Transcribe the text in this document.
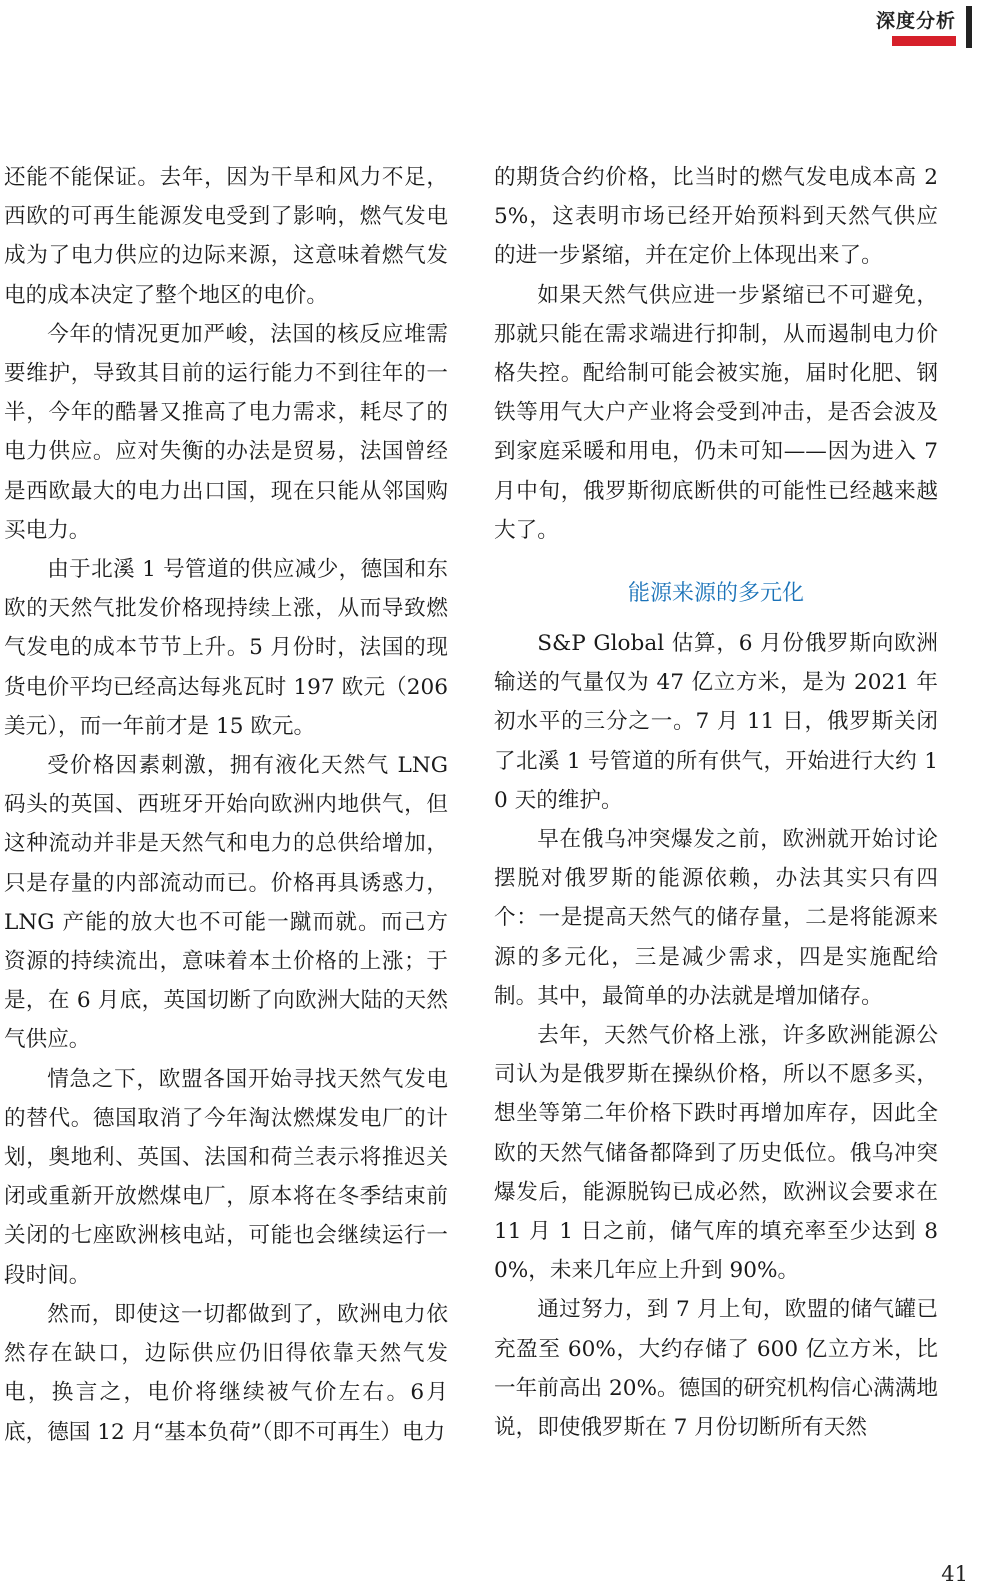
深度分析

还能不能保证。去年，因为干旱和风力不足，西欧的可再生能源发电受到了影响，燃气发电成为了电力供应的边际来源，这意味着燃气发电的成本决定了整个地区的电价。

今年的情况更加严峻，法国的核反应堆需要维护，导致其目前的运行能力不到往年的一半，今年的酷暑又推高了电力需求，耗尽了的电力供应。应对失衡的办法是贸易，法国曾经是西欧最大的电力出口国，现在只能从邻国购买电力。

由于北溪 1 号管道的供应减少，德国和东欧的天然气批发价格现持续上涨，从而导致燃气发电的成本节节上升。5 月份时，法国的现货电价平均已经高达每兆瓦时 197 欧元（206 美元），而一年前才是 15 欧元。

受价格因素刺激，拥有液化天然气 LNG 码头的英国、西班牙开始向欧洲内地供气，但这种流动并非是天然气和电力的总供给增加，只是存量的内部流动而已。价格再具诱惑力，LNG 产能的放大也不可能一蹴而就。而己方资源的持续流出，意味着本土价格的上涨；于是，在 6 月底，英国切断了向欧洲大陆的天然气供应。

情急之下，欧盟各国开始寻找天然气发电的替代。德国取消了今年淘汰燃煤发电厂的计划，奥地利、英国、法国和荷兰表示将推迟关闭或重新开放燃煤电厂，原本将在冬季结束前关闭的七座欧洲核电站，可能也会继续运行一段时间。

然而，即使这一切都做到了，欧洲电力依然存在缺口，边际供应仍旧得依靠天然气发电，换言之，电价将继续被气价左右。6月底，德国 12 月“基本负荷”（即不可再生）电力

的期货合约价格，比当时的燃气发电成本高 25%，这表明市场已经开始预料到天然气供应的进一步紧缩，并在定价上体现出来了。

如果天然气供应进一步紧缩已不可避免，那就只能在需求端进行抑制，从而遏制电力价格失控。配给制可能会被实施，届时化肥、钢铁等用气大户产业将会受到冲击，是否会波及到家庭采暖和用电，仍未可知——因为进入 7 月中旬，俄罗斯彻底断供的可能性已经越来越大了。

能源来源的多元化

S&P Global 估算，6 月份俄罗斯向欧洲输送的气量仅为 47 亿立方米，是为 2021 年初水平的三分之一。7 月 11 日，俄罗斯关闭了北溪 1 号管道的所有供气，开始进行大约 10 天的维护。

早在俄乌冲突爆发之前，欧洲就开始讨论摆脱对俄罗斯的能源依赖，办法其实只有四个：一是提高天然气的储存量，二是将能源来源的多元化，三是减少需求，四是实施配给制。其中，最简单的办法就是增加储存。

去年，天然气价格上涨，许多欧洲能源公司认为是俄罗斯在操纵价格，所以不愿多买，想坐等第二年价格下跌时再增加库存，因此全欧的天然气储备都降到了历史低位。俄乌冲突爆发后，能源脱钩已成必然，欧洲议会要求在 11 月 1 日之前，储气库的填充率至少达到 80%，未来几年应上升到 90%。

通过努力，到 7 月上旬，欧盟的储气罐已充盈至 60%，大约存储了 600 亿立方米，比一年前高出 20%。德国的研究机构信心满满地说，即使俄罗斯在 7 月份切断所有天然

41
